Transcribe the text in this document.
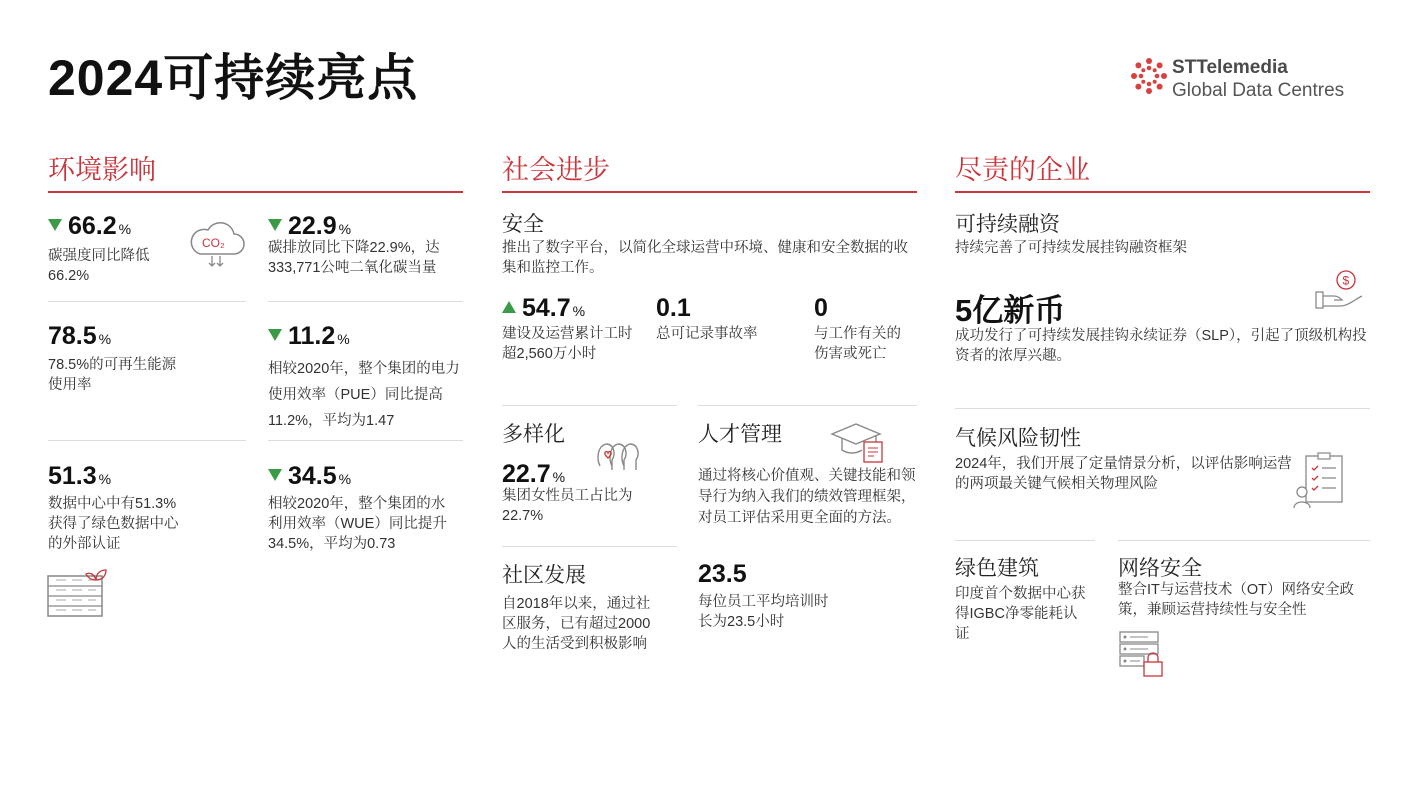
2024可持续亮点	STTelemedia
Global Data Centres
环境影响
66.2 %
碳强度同比降低66.2%
CO₂
22.9 %
碳排放同比下降22.9%，达333,771公吨二氧化碳当量
78.5 %
78.5%的可再生能源使用率
11.2 %
相较2020年，整个集团的电力使用效率（PUE）同比提高11.2%，平均为1.47
51.3 %
数据中心中有51.3%获得了绿色数据中心的外部认证
34.5 %
相较2020年，整个集团的水利用效率（WUE）同比提升34.5%，平均为0.73
社会进步
安全
推出了数字平台，以简化全球运营中环境、健康和安全数据的收集和监控工作。
54.7 %
建设及运营累计工时超2,560万小时
0.1
总可记录事故率
0
与工作有关的伤害或死亡
多样化
22.7 %
集团女性员工占比为22.7%
社区发展
自2018年以来，通过社区服务，已有超过2000人的生活受到积极影响
人才管理
通过将核心价值观、关键技能和领导行为纳入我们的绩效管理框架，对员工评估采用更全面的方法。
23.5
每位员工平均培训时长为23.5小时
尽责的企业
可持续融资
持续完善了可持续发展挂钩融资框架
$
5亿新币
成功发行了可持续发展挂钩永续证券（SLP），引起了顶级机构投资者的浓厚兴趣。
气候风险韧性
2024年，我们开展了定量情景分析，以评估影响运营的两项最关键气候相关物理风险
绿色建筑
印度首个数据中心获得IGBC净零能耗认证
网络安全
整合IT与运营技术（OT）网络安全政策，兼顾运营持续性与安全性
